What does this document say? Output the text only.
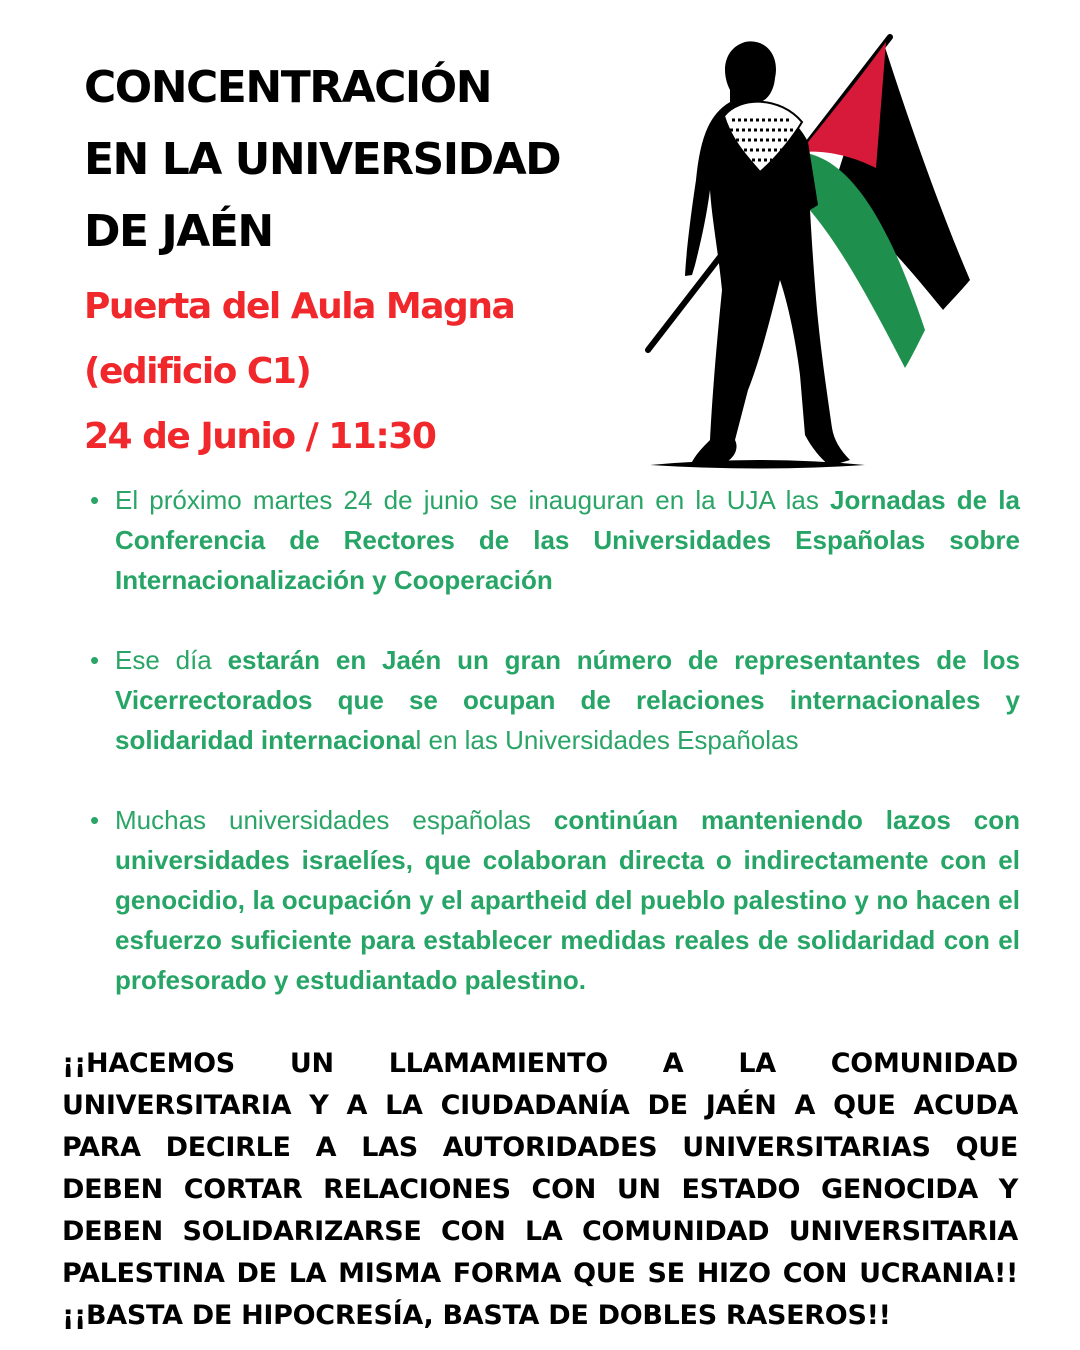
CONCENTRACIÓN
EN LA UNIVERSIDAD
DE JAÉN
Puerta del Aula Magna
(edificio C1)
24 de Junio / 11:30
• El próximo martes 24 de junio se inauguran en la UJA las Jornadas de la Conferencia de Rectores de las Universidades Españolas sobre Internacionalización y Cooperación
• Ese día estarán en Jaén un gran número de representantes de los Vicerrectorados que se ocupan de relaciones internacionales y solidaridad internacional en las Universidades Españolas
• Muchas universidades españolas continúan manteniendo lazos con universidades israelíes, que colaboran directa o indirectamente con el genocidio, la ocupación y el apartheid del pueblo palestino y no hacen el esfuerzo suficiente para establecer medidas reales de solidaridad con el profesorado y estudiantado palestino.

¡¡HACEMOS UN LLAMAMIENTO A LA COMUNIDAD UNIVERSITARIA Y A LA CIUDADANÍA DE JAÉN A QUE ACUDA PARA DECIRLE A LAS AUTORIDADES UNIVERSITARIAS QUE DEBEN CORTAR RELACIONES CON UN ESTADO GENOCIDA Y DEBEN SOLIDARIZARSE CON LA COMUNIDAD UNIVERSITARIA PALESTINA DE LA MISMA FORMA QUE SE HIZO CON UCRANIA!! ¡¡BASTA DE HIPOCRESÍA, BASTA DE DOBLES RASEROS!!
